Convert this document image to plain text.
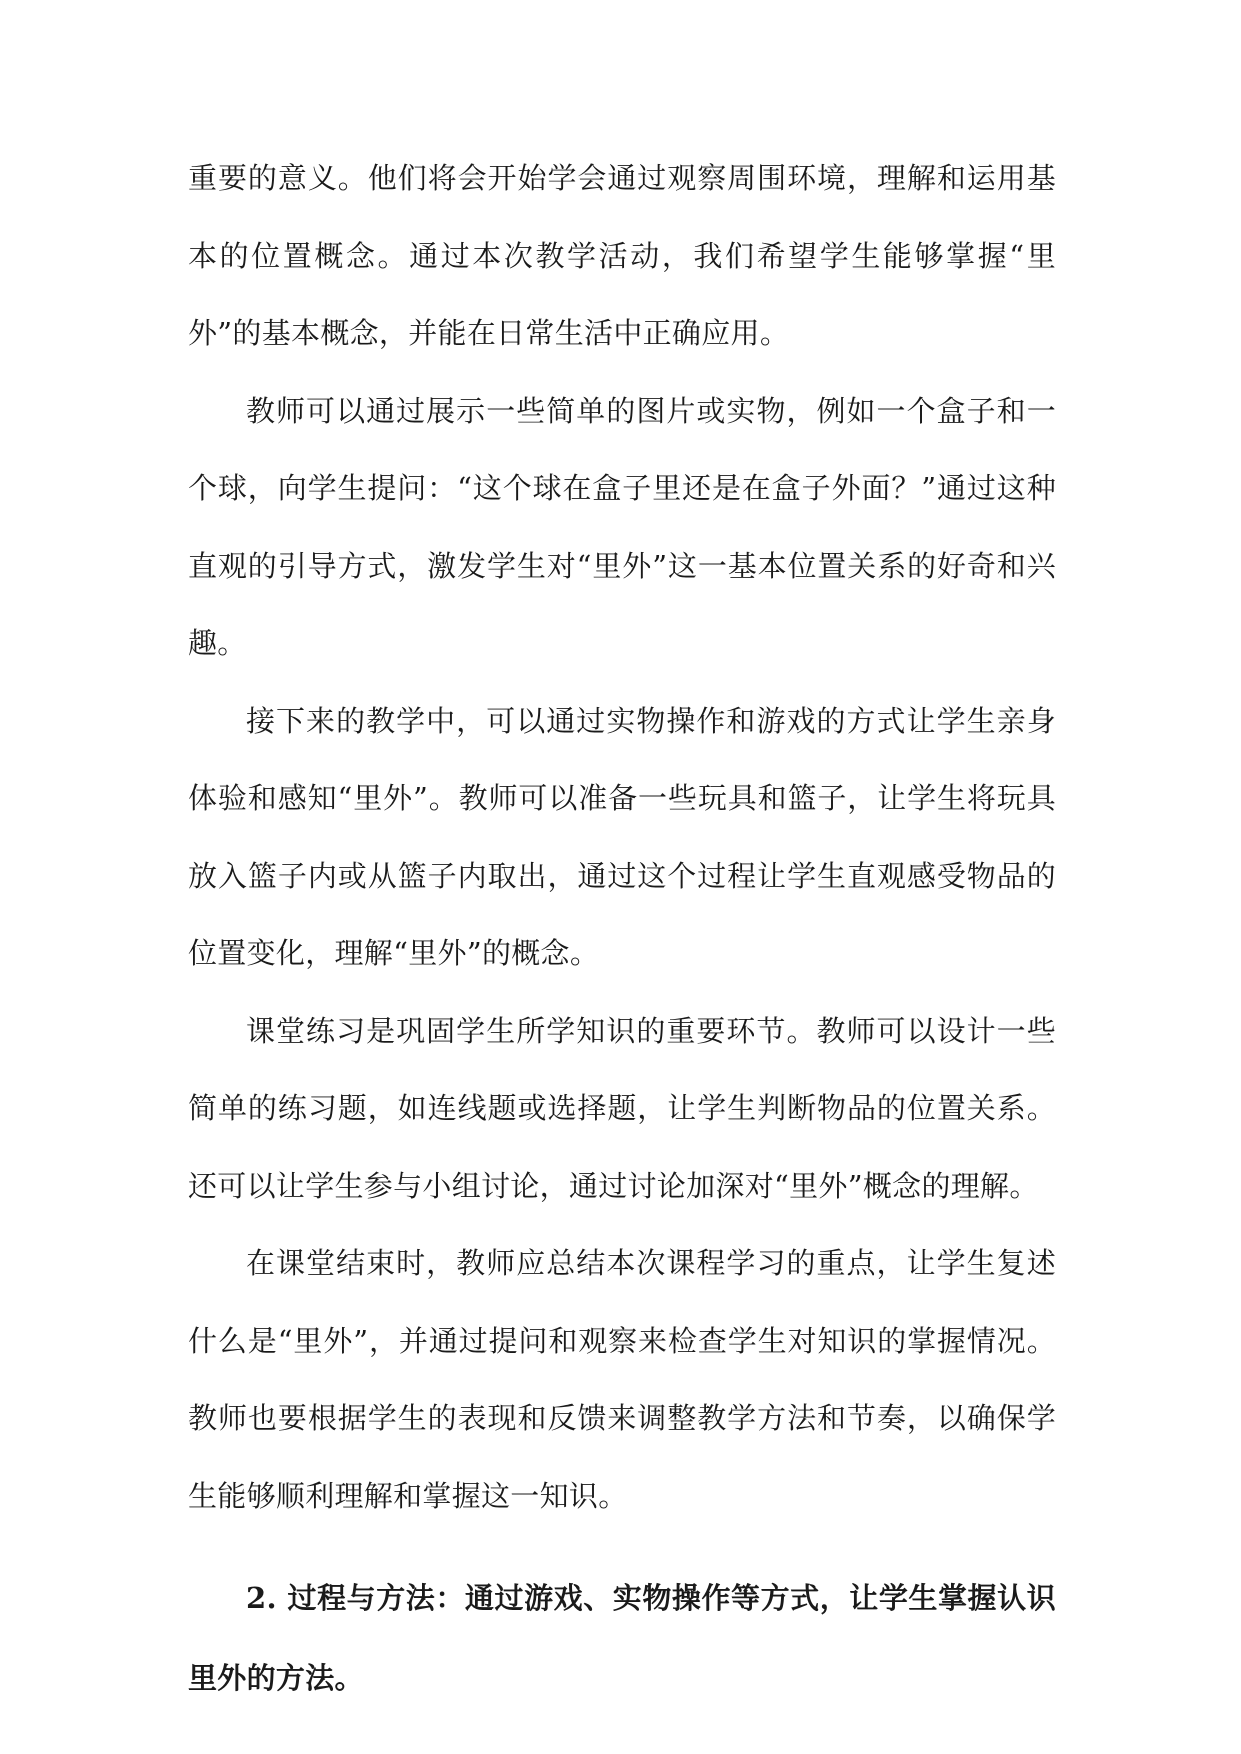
重要的意义。他们将会开始学会通过观察周围环境，理解和运用基本的位置概念。通过本次教学活动，我们希望学生能够掌握“里外”的基本概念，并能在日常生活中正确应用。

教师可以通过展示一些简单的图片或实物，例如一个盒子和一个球，向学生提问：“这个球在盒子里还是在盒子外面？”通过这种直观的引导方式，激发学生对“里外”这一基本位置关系的好奇和兴趣。

接下来的教学中，可以通过实物操作和游戏的方式让学生亲身体验和感知“里外”。教师可以准备一些玩具和篮子，让学生将玩具放入篮子内或从篮子内取出，通过这个过程让学生直观感受物品的位置变化，理解“里外”的概念。

课堂练习是巩固学生所学知识的重要环节。教师可以设计一些简单的练习题，如连线题或选择题，让学生判断物品的位置关系。还可以让学生参与小组讨论，通过讨论加深对“里外”概念的理解。

在课堂结束时，教师应总结本次课程学习的重点，让学生复述什么是“里外”，并通过提问和观察来检查学生对知识的掌握情况。教师也要根据学生的表现和反馈来调整教学方法和节奏，以确保学生能够顺利理解和掌握这一知识。

2. 过程与方法：通过游戏、实物操作等方式，让学生掌握认识里外的方法。
